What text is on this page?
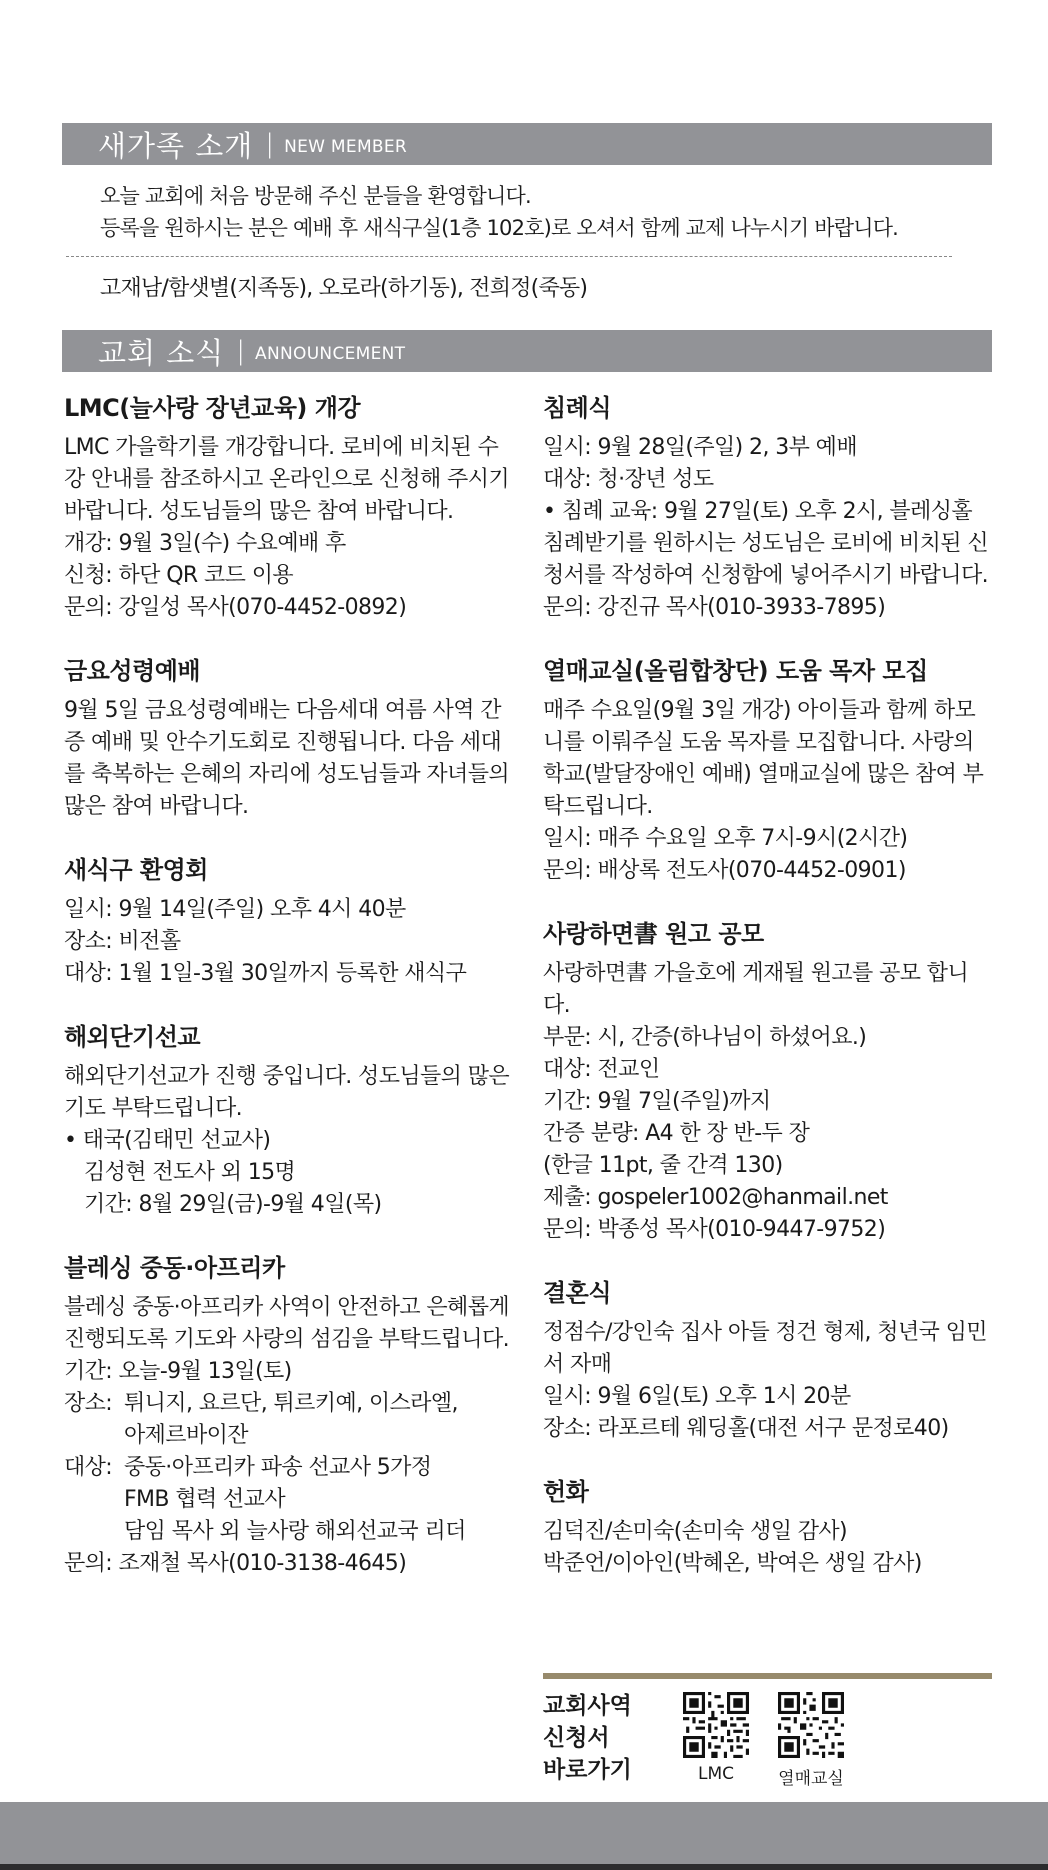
새가족 소개 | NEW MEMBER
오늘 교회에 처음 방문해 주신 분들을 환영합니다.
등록을 원하시는 분은 예배 후 새식구실(1층 102호)로 오셔서 함께 교제 나누시기 바랍니다.
고재남/함샛별(지족동), 오로라(하기동), 전희정(죽동)
교회 소식 | ANNOUNCEMENT
LMC(늘사랑 장년교육) 개강
LMC 가을학기를 개강합니다. 로비에 비치된 수강 안내를 참조하시고 온라인으로 신청해 주시기 바랍니다. 성도님들의 많은 참여 바랍니다.
개강: 9월 3일(수) 수요예배 후
신청: 하단 QR 코드 이용
문의: 강일성 목사(070-4452-0892)
금요성령예배
9월 5일 금요성령예배는 다음세대 여름 사역 간증 예배 및 안수기도회로 진행됩니다. 다음 세대를 축복하는 은혜의 자리에 성도님들과 자녀들의 많은 참여 바랍니다.
새식구 환영회
일시: 9월 14일(주일) 오후 4시 40분
장소: 비전홀
대상: 1월 1일-3월 30일까지 등록한 새식구
해외단기선교
해외단기선교가 진행 중입니다. 성도님들의 많은 기도 부탁드립니다.
• 태국(김태민 선교사)
김성현 전도사 외 15명
기간: 8월 29일(금)-9월 4일(목)
블레싱 중동·아프리카
블레싱 중동·아프리카 사역이 안전하고 은혜롭게 진행되도록 기도와 사랑의 섬김을 부탁드립니다.
기간: 오늘-9월 13일(토)
장소: 튀니지, 요르단, 튀르키예, 이스라엘,
아제르바이잔
대상: 중동·아프리카 파송 선교사 5가정
FMB 협력 선교사
담임 목사 외 늘사랑 해외선교국 리더
문의: 조재철 목사(010-3138-4645)
침례식
일시: 9월 28일(주일) 2, 3부 예배
대상: 청·장년 성도
• 침례 교육: 9월 27일(토) 오후 2시, 블레싱홀
침례받기를 원하시는 성도님은 로비에 비치된 신청서를 작성하여 신청함에 넣어주시기 바랍니다.
문의: 강진규 목사(010-3933-7895)
열매교실(올림합창단) 도움 목자 모집
매주 수요일(9월 3일 개강) 아이들과 함께 하모니를 이뤄주실 도움 목자를 모집합니다. 사랑의 학교(발달장애인 예배) 열매교실에 많은 참여 부탁드립니다.
일시: 매주 수요일 오후 7시-9시(2시간)
문의: 배상록 전도사(070-4452-0901)
사랑하면書 원고 공모
사랑하면書 가을호에 게재될 원고를 공모 합니다.
부문: 시, 간증(하나님이 하셨어요.)
대상: 전교인
기간: 9월 7일(주일)까지
간증 분량: A4 한 장 반-두 장
(한글 11pt, 줄 간격 130)
제출: gospeler1002@hanmail.net
문의: 박종성 목사(010-9447-9752)
결혼식
정점수/강인숙 집사 아들 정건 형제, 청년국 임민서 자매
일시: 9월 6일(토) 오후 1시 20분
장소: 라포르테 웨딩홀(대전 서구 문정로40)
헌화
김덕진/손미숙(손미숙 생일 감사)
박준언/이아인(박혜온, 박여은 생일 감사)
교회사역
신청서
바로가기	LMC	열매교실
